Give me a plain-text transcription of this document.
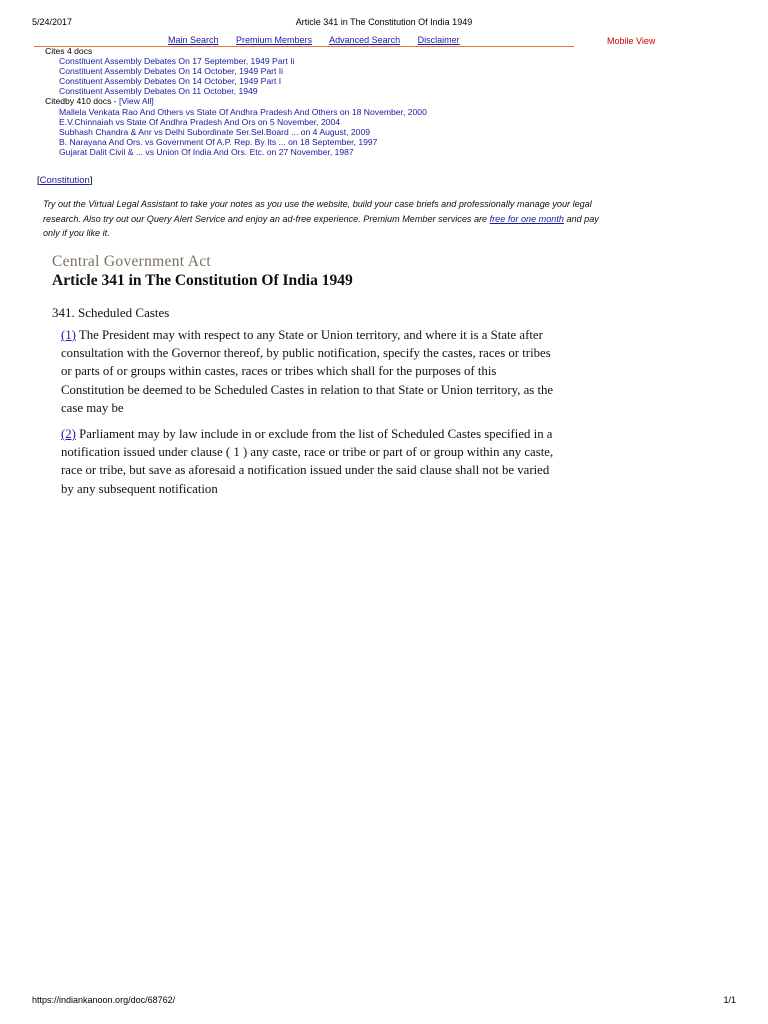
5/24/2017	Article 341 in The Constitution Of India 1949
Main Search Premium Members Advanced Search Disclaimer	Mobile View
Cites 4 docs
Constituent Assembly Debates On 17 September, 1949 Part Ii
Constituent Assembly Debates On 14 October, 1949 Part Ii
Constituent Assembly Debates On 14 October, 1949 Part I
Constituent Assembly Debates On 11 October, 1949
Citedby 410 docs - [View All]
Mallela Venkata Rao And Others vs State Of Andhra Pradesh And Others on 18 November, 2000
E.V.Chinnaiah vs State Of Andhra Pradesh And Ors on 5 November, 2004
Subhash Chandra & Anr vs Delhi Subordinate Ser.Sel.Board ... on 4 August, 2009
B. Narayana And Ors. vs Government Of A.P. Rep. By Its ... on 18 September, 1997
Gujarat Dalit Civil & ... vs Union Of India And Ors. Etc. on 27 November, 1987
[Constitution]
Try out the Virtual Legal Assistant to take your notes as you use the website, build your case briefs and professionally manage your legal research. Also try out our Query Alert Service and enjoy an ad-free experience. Premium Member services are free for one month and pay only if you like it.
Central Government Act
Article 341 in The Constitution Of India 1949
341. Scheduled Castes
(1) The President may with respect to any State or Union territory, and where it is a State after consultation with the Governor thereof, by public notification, specify the castes, races or tribes or parts of or groups within castes, races or tribes which shall for the purposes of this Constitution be deemed to be Scheduled Castes in relation to that State or Union territory, as the case may be
(2) Parliament may by law include in or exclude from the list of Scheduled Castes specified in a notification issued under clause ( 1 ) any caste, race or tribe or part of or group within any caste, race or tribe, but save as aforesaid a notification issued under the said clause shall not be varied by any subsequent notification
https://indiankanoon.org/doc/68762/	1/1
